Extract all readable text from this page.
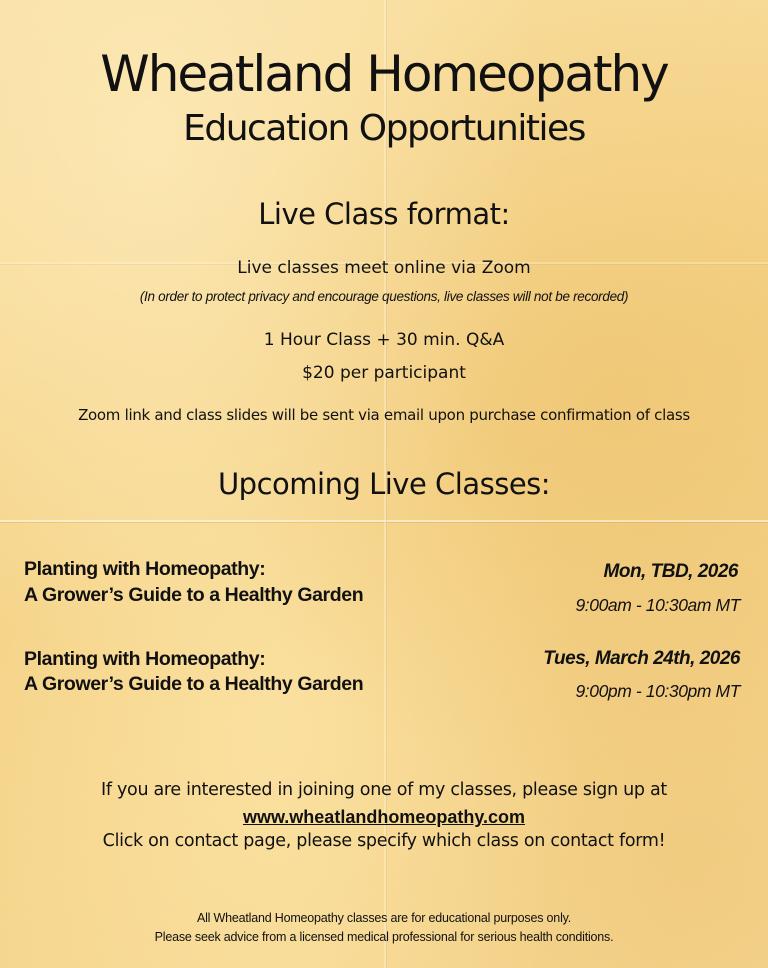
Wheatland Homeopathy
Education Opportunities
Live Class format:
Live classes meet online via Zoom
(In order to protect privacy and encourage questions, live classes will not be recorded)
1 Hour Class + 30 min. Q&A
$20 per participant
Zoom link and class slides will be sent via email upon purchase confirmation of class
Upcoming Live Classes:
Planting with Homeopathy:
A Grower’s Guide to a Healthy Garden
Mon, TBD, 2026
9:00am - 10:30am MT
Planting with Homeopathy:
A Grower’s Guide to a Healthy Garden
Tues, March 24th, 2026
9:00pm - 10:30pm MT
If you are interested in joining one of my classes, please sign up at
www.wheatlandhomeopathy.com
Click on contact page, please specify which class on contact form!
All Wheatland Homeopathy classes are for educational purposes only.
Please seek advice from a licensed medical professional for serious health conditions.
